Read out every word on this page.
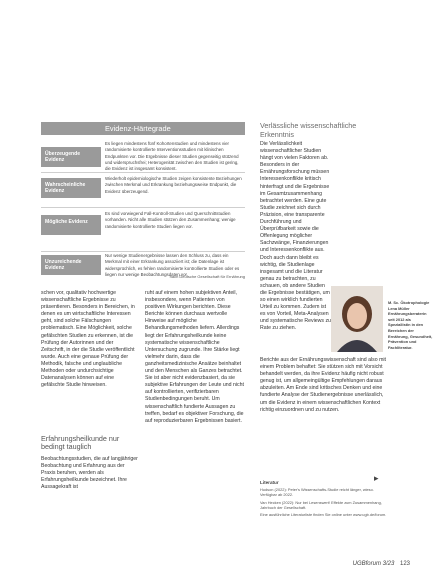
Evidenz-Härtegrade
Überzeugende Evidenz
Es liegen mindestens fünf Kohortenstudien und mindestens vier randomisierte kontrollierte Interventionsstudien mit klinischen Endpunkten vor. Die Ergebnisse dieser Studien gegenseitig stützend und widerspruchsfrei; Heterogenität zwischen den Studien ist gering, die Evidenz ist insgesamt konsistent.
Wahrscheinliche Evidenz
Wiederholt epidemiologische Studien zeigen konsistente Beziehungen zwischen Merkmal und Erkrankung beziehungsweise Endpunkt, die Evidenz überzeugend.
Mögliche Evidenz
Es sind vorwiegend Fall-Kontroll-Studien und Querschnittstudien vorhanden. Nicht alle Studien stützen den Zusammenhang; wenige randomisierte kontrollierte Studien liegen vor.
Unzureichende Evidenz
Nur wenige Studienergebnisse lassen den Schluss zu, dass ein Merkmal mit einer Erkrankung assoziiert ist; die Datenlage ist widersprüchlich, es fehlen randomisierte kontrollierte Studien oder es liegen nur wenige Beobachtungsdaten vor.
nach Deutsche Gesellschaft für Ernährung
Verlässliche wissenschaftliche Erkenntnis
Die Verlässlichkeit wissenschaftlicher Studien hängt von vielen Faktoren ab. Besonders in der Ernährungsforschung müssen Interessenkonflikte kritisch hinterfragt und die Ergebnisse im Gesamtzusammenhang betrachtet werden. Eine gute Studie zeichnet sich durch Präzision, eine transparente Durchführung und Überprüfbarkeit sowie die Offenlegung möglicher Sachzwänge, Finanzierungen und Interessenkonflikte aus. Doch auch dann bleibt es wichtig, die Studienlage insgesamt und die Literatur genau zu betrachten, zu schauen, ob andere Studien die Ergebnisse bestätigen, um so einen wirklich fundierten Urteil zu kommen. Zudem ist es von Vorteil, Meta-Analysen und systematische Reviews zu Rate zu ziehen.
M. Sc. Ökotrophologie Lena Müller Ernährungsberaterin seit 2012 als Speziallistin in den Bereichen der Ernährung, Gesundheit, Prävention und Fachliteratur.
Berichte aus der Ernährungswissenschaft sind also mit einem Problem behaftet: Sie stützen sich mit Vorsicht behandelt werden, da ihre Evidenz häufig nicht robust genug ist, um allgemeingültige Empfehlungen daraus abzuleiten. Am Ende sind kritisches Denken und eine fundierte Analyse der Studienergebnisse unerlässlich, um die Evidenz in einem wissenschaftlichen Kontext richtig einzuordnen und zu nutzen.
schen vor, qualitativ hochwertige wissenschaftliche Ergebnisse zu präsentieren. Besonders in Bereichen, in denen es um wirtschaftliche Interessen geht, sind solche Fälschungen problematisch. Eine Möglichkeit, solche gefälschten Studien zu erkennen, ist die Prüfung der Autorinnen und der Zeitschrift, in der die Studie veröffentlicht wurde. Auch eine genaue Prüfung der Methodik, falsche und unglaubliche Methoden oder undurchsichtige Datenanalysen können auf eine gefälschte Studie hinweisen.
Erfahrungsheilkunde nur bedingt tauglich
Beobachtungsstudien, die auf langjähriger Beobachtung und Erfahrung aus der Praxis beruhen, werden als Erfahrungsheilkunde bezeichnet. Ihre Aussagekraft ist
ruht auf einem hohen subjektiven Anteil, insbesondere, wenn Patienten von positiven Wirkungen berichten. Diese Berichte können durchaus wertvolle Hinweise auf mögliche Behandlungsmethoden liefern. Allerdings liegt der Erfahrungsheilkunde keine systematische wissenschaftliche Untersuchung zugrunde. Ihre Stärke liegt vielmehr darin, dass die ganzheitsmedizinische Ansätze beinhaltet und den Menschen als Ganzes betrachtet. Sie ist aber nicht evidenzbasiert, da sie subjektive Erfahrungen der Leute und nicht auf kontrollierten, verifizierbaren Studienbedingungen beruht. Um wissenschaftlich fundierte Aussagen zu treffen, bedarf es objektiver Forschung, die auf reproduzierbaren Ergebnissen basiert.
▸
Literatur
Hudson (2022): Peter's Wissenschafts-Studie reicht länger, wieso. Verfügbar ab 2022.
Van Hecken (2022): Nur bei Lesenswert! Effekte zum Zusammenhang, Jahrbuch der Gesellschaft.
Eine ausführliche Literaturliste finden Sie online unter www.ugb.de/forum.
UGBforum 3/23 123
